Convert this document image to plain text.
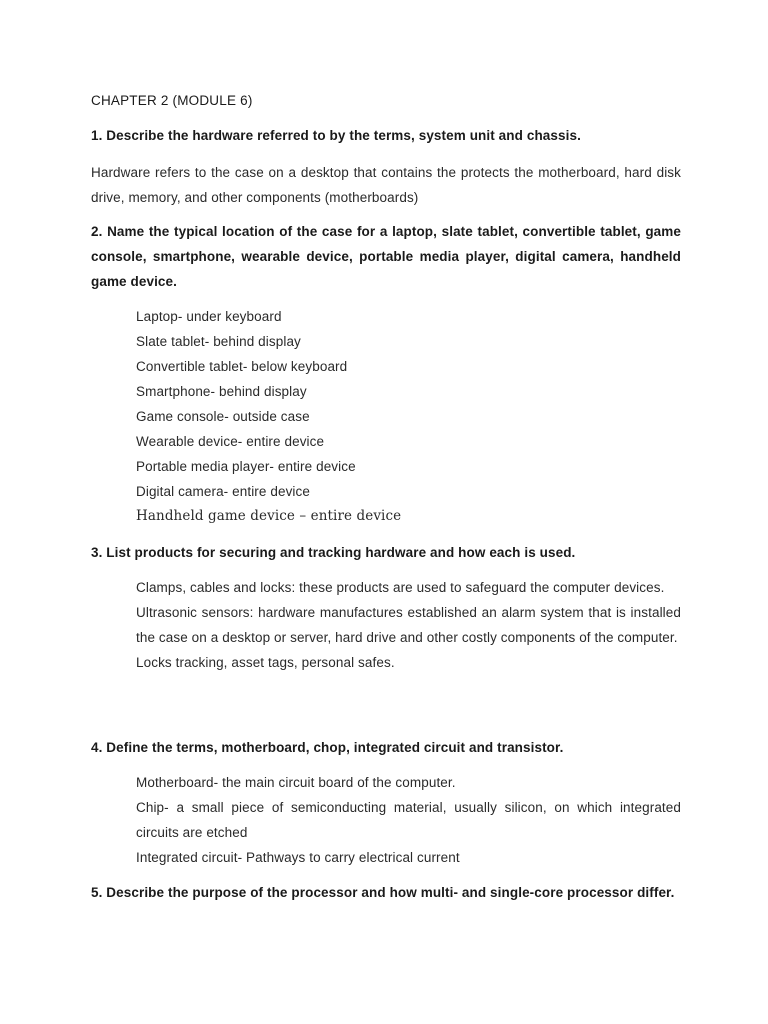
CHAPTER 2 (MODULE 6)
1. Describe the hardware referred to by the terms, system unit and chassis.
Hardware refers to the case on a desktop that contains the protects the motherboard, hard disk drive, memory, and other components (motherboards)
2. Name the typical location of the case for a laptop, slate tablet, convertible tablet, game console, smartphone, wearable device, portable media player, digital camera, handheld game device.
Laptop- under keyboard
Slate tablet- behind display
Convertible tablet- below keyboard
Smartphone- behind display
Game console- outside case
Wearable device- entire device
Portable media player- entire device
Digital camera- entire device
Handheld game device – entire device
3. List products for securing and tracking hardware and how each is used.
Clamps, cables and locks: these products are used to safeguard the computer devices.
Ultrasonic sensors: hardware manufactures established an alarm system that is installed the case on a desktop or server, hard drive and other costly components of the computer.
Locks tracking, asset tags, personal safes.
4. Define the terms, motherboard, chop, integrated circuit and transistor.
Motherboard- the main circuit board of the computer.
Chip- a small piece of semiconducting material, usually silicon, on which integrated circuits are etched
Integrated circuit- Pathways to carry electrical current
5. Describe the purpose of the processor and how multi- and single-core processor differ.
